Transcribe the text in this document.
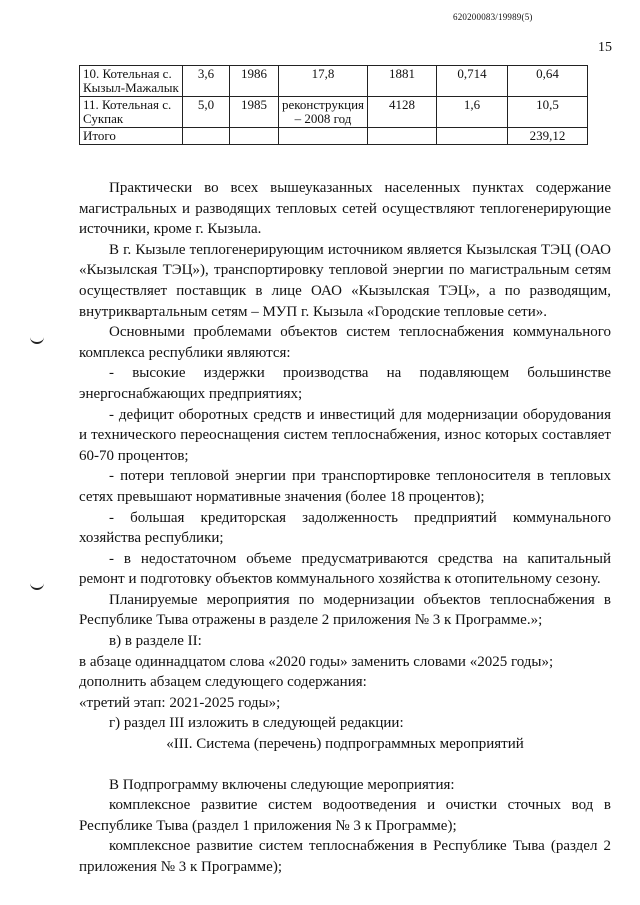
620200083/19989(5)
15
10. Котельная с. Кызыл-Мажалык	3,6	1986	17,8	1881	0,714	0,64
11. Котельная с. Сукпак	5,0	1985	реконструкция – 2008 год	4128	1,6	10,5
Итого						239,12

Практически во всех вышеуказанных населенных пунктах содержание магистральных и разводящих тепловых сетей осуществляют теплогенерирующие источники, кроме г. Кызыла.

В г. Кызыле теплогенерирующим источником является Кызылская ТЭЦ (ОАО «Кызылская ТЭЦ»), транспортировку тепловой энергии по магистральным сетям осуществляет поставщик в лице ОАО «Кызылская ТЭЦ», а по разводящим, внутриквартальным сетям – МУП г. Кызыла «Городские тепловые сети».

Основными проблемами объектов систем теплоснабжения коммунального комплекса республики являются:

- высокие издержки производства на подавляющем большинстве энергоснабжающих предприятиях;

- дефицит оборотных средств и инвестиций для модернизации оборудования и технического переоснащения систем теплоснабжения, износ которых составляет 60-70 процентов;

- потери тепловой энергии при транспортировке теплоносителя в тепловых сетях превышают нормативные значения (более 18 процентов);

- большая кредиторская задолженность предприятий коммунального хозяйства республики;

- в недостаточном объеме предусматриваются средства на капитальный ремонт и подготовку объектов коммунального хозяйства к отопительному сезону.

Планируемые мероприятия по модернизации объектов теплоснабжения в Республике Тыва отражены в разделе 2 приложения № 3 к Программе.»;

в) в разделе II:

в абзаце одиннадцатом слова «2020 годы» заменить словами «2025 годы»;

дополнить абзацем следующего содержания:

«третий этап: 2021-2025 годы»;

г) раздел III изложить в следующей редакции:

«III. Система (перечень) подпрограммных мероприятий

В Подпрограмму включены следующие мероприятия:

комплексное развитие систем водоотведения и очистки сточных вод в Республике Тыва (раздел 1 приложения № 3 к Программе);

комплексное развитие систем теплоснабжения в Республике Тыва (раздел 2 приложения № 3 к Программе);
